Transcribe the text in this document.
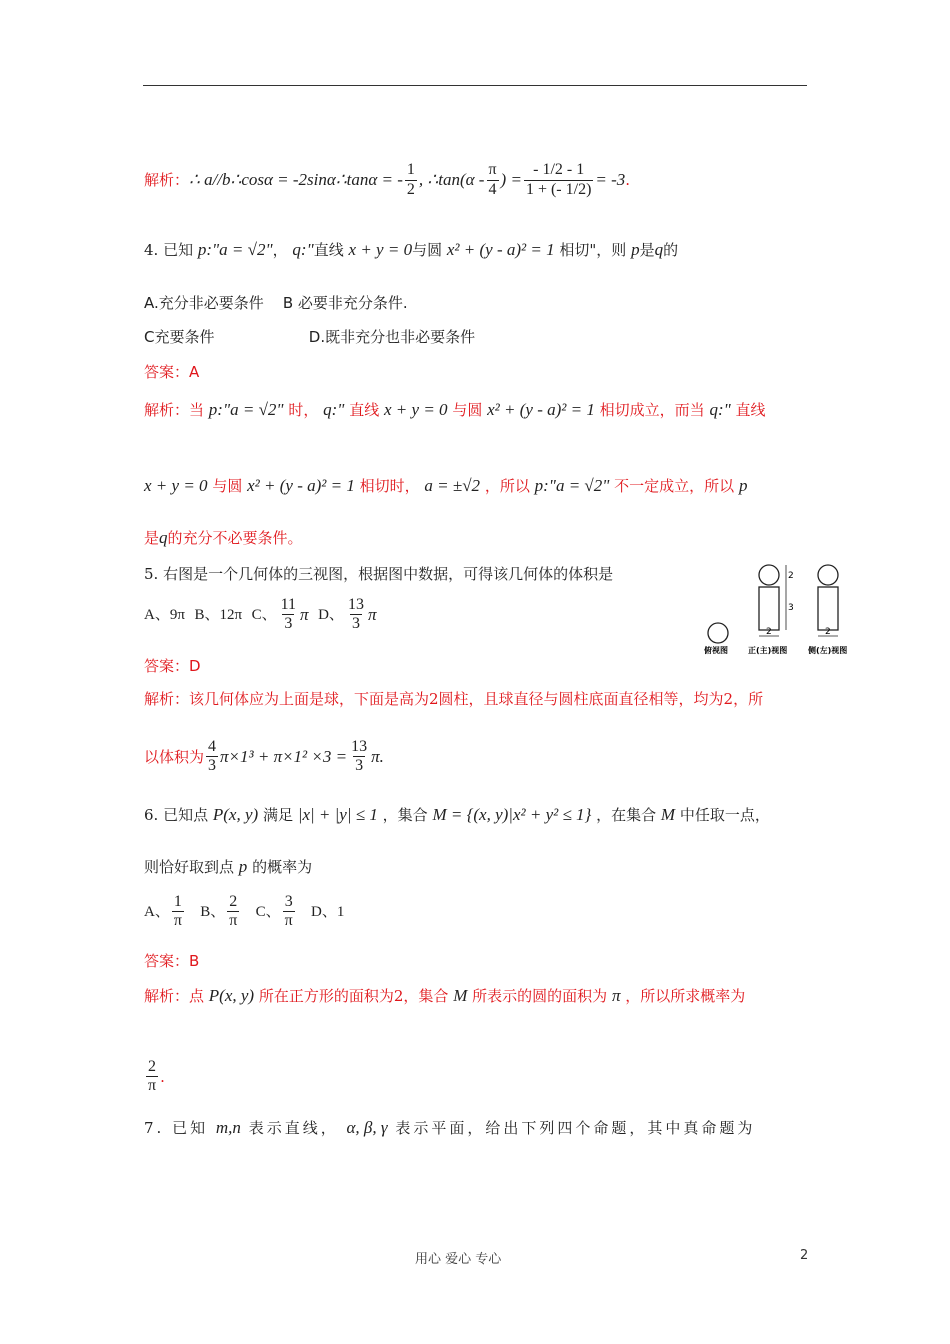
解析： ∴ a//b∴cosα = -2sinα∴tanα = - $\frac{1}{2}$ , ∴tan(α - $\frac{\pi}{4}$ ) = $\frac{- 1/2 - 1}{1 + (- 1/2)} = -3$ .
4. 已知 p:"a = √2"， q:"直线 x + y = 0与圆 x² + (y - a)² = 1 相切"，则 p是q的
A.充分非必要条件 B 必要非充分条件.
C充要条件	D.既非充分也非必要条件
答案：A
解析：当 p:"a = √2" 时， q:" 直线 x + y = 0 与圆 x² + (y - a)² = 1 相切成立，而当 q:" 直线
x + y = 0 与圆 x² + (y - a)² = 1 相切时， a = ±√2 ，所以 p:"a = √2" 不一定成立，所以 p
是q的充分不必要条件。
5. 右图是一个几何体的三视图，根据图中数据，可得该几何体的体积是
A、9π
B、12π
C、 $\frac{11}{3}$ π
D、 $\frac{13}{3}$ π
2
3
2	2
俯视图	正(主)视图	侧(左)视图
答案：D
解析：该几何体应为上面是球，下面是高为2圆柱，且球直径与圆柱底面直径相等，均为2，所
以体积为 $\frac{4}{3} \pi\times 1^3 + \pi\times 1^2 \times 3 = \frac{13}{3} \pi$.
6. 已知点 P(x, y) 满足 |x| + |y| ≤ 1 ，集合 M = {(x, y)|x² + y² ≤ 1} ，在集合 M 中任取一点，
则恰好取到点 p 的概率为
A、 $\frac{1}{\pi}$
B、 $\frac{2}{\pi}$
C、 $\frac{3}{\pi}$
D、1
答案：B
解析：点 P(x, y) 所在正方形的面积为2，集合 M 所表示的圆的面积为 π ，所以所求概率为
$\frac{2}{\pi}$ .
7. 已知 m,n 表示直线， α, β, γ 表示平面，给出下列四个命题，其中真命题为
用心 爱心 专心	2
